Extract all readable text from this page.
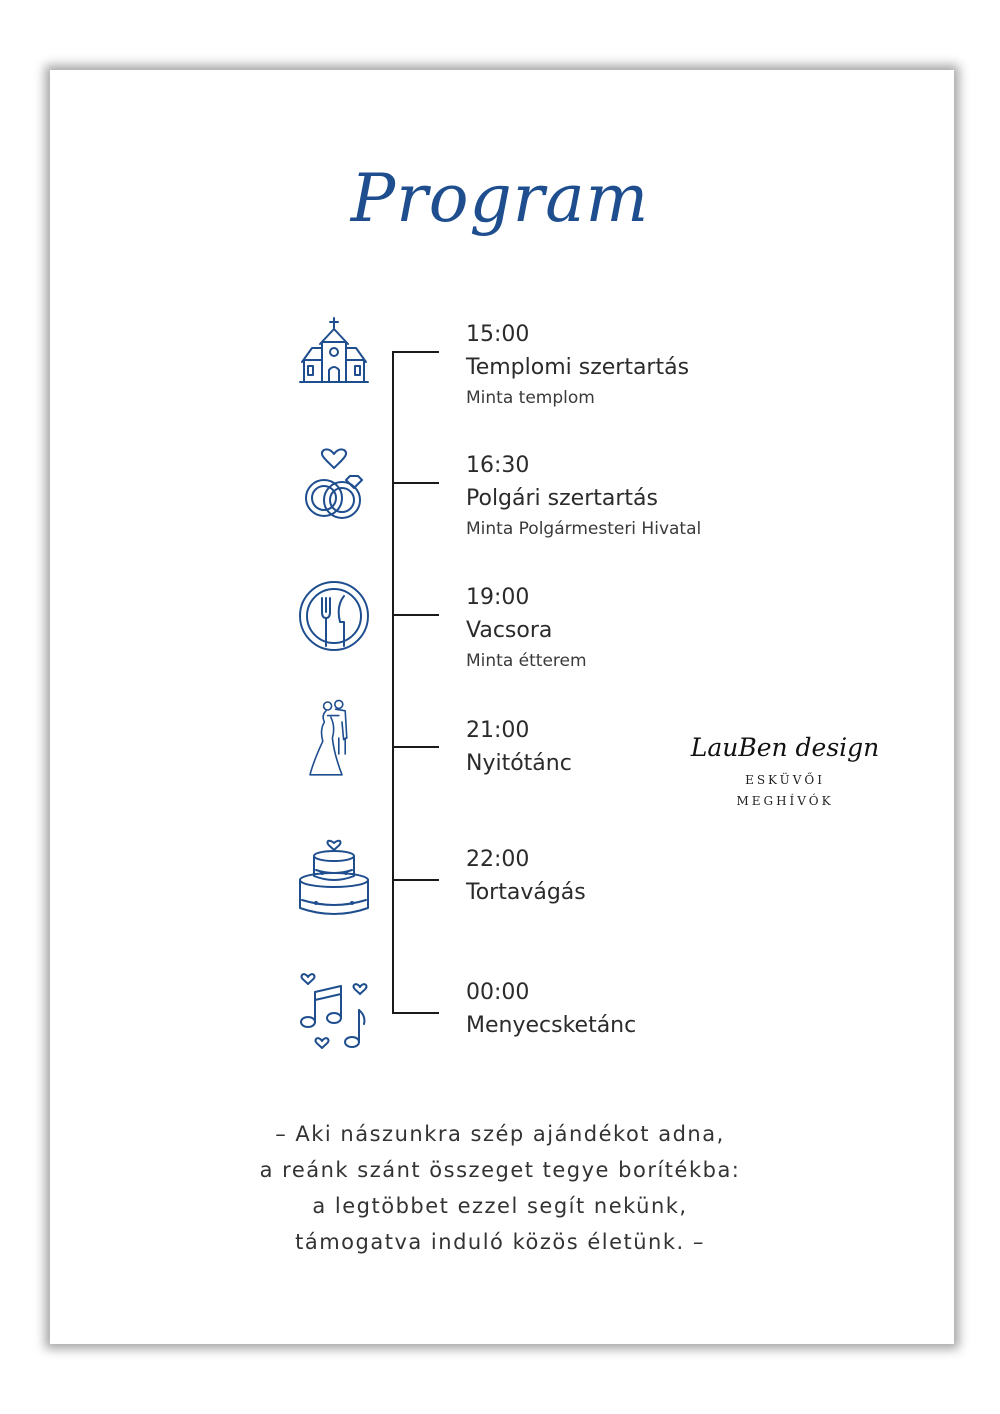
Program
15:00
Templomi szertartás
Minta templom
16:30
Polgári szertartás
Minta Polgármesteri Hivatal
19:00
Vacsora
Minta étterem
21:00
Nyitótánc
22:00
Tortavágás
00:00
Menyecsketánc
LauBen design
ESKÜVŐI
MEGHÍVÓK
– Aki nászunkra szép ajándékot adna,
a reánk szánt összeget tegye borítékba:
a legtöbbet ezzel segít nekünk,
támogatva induló közös életünk. –
